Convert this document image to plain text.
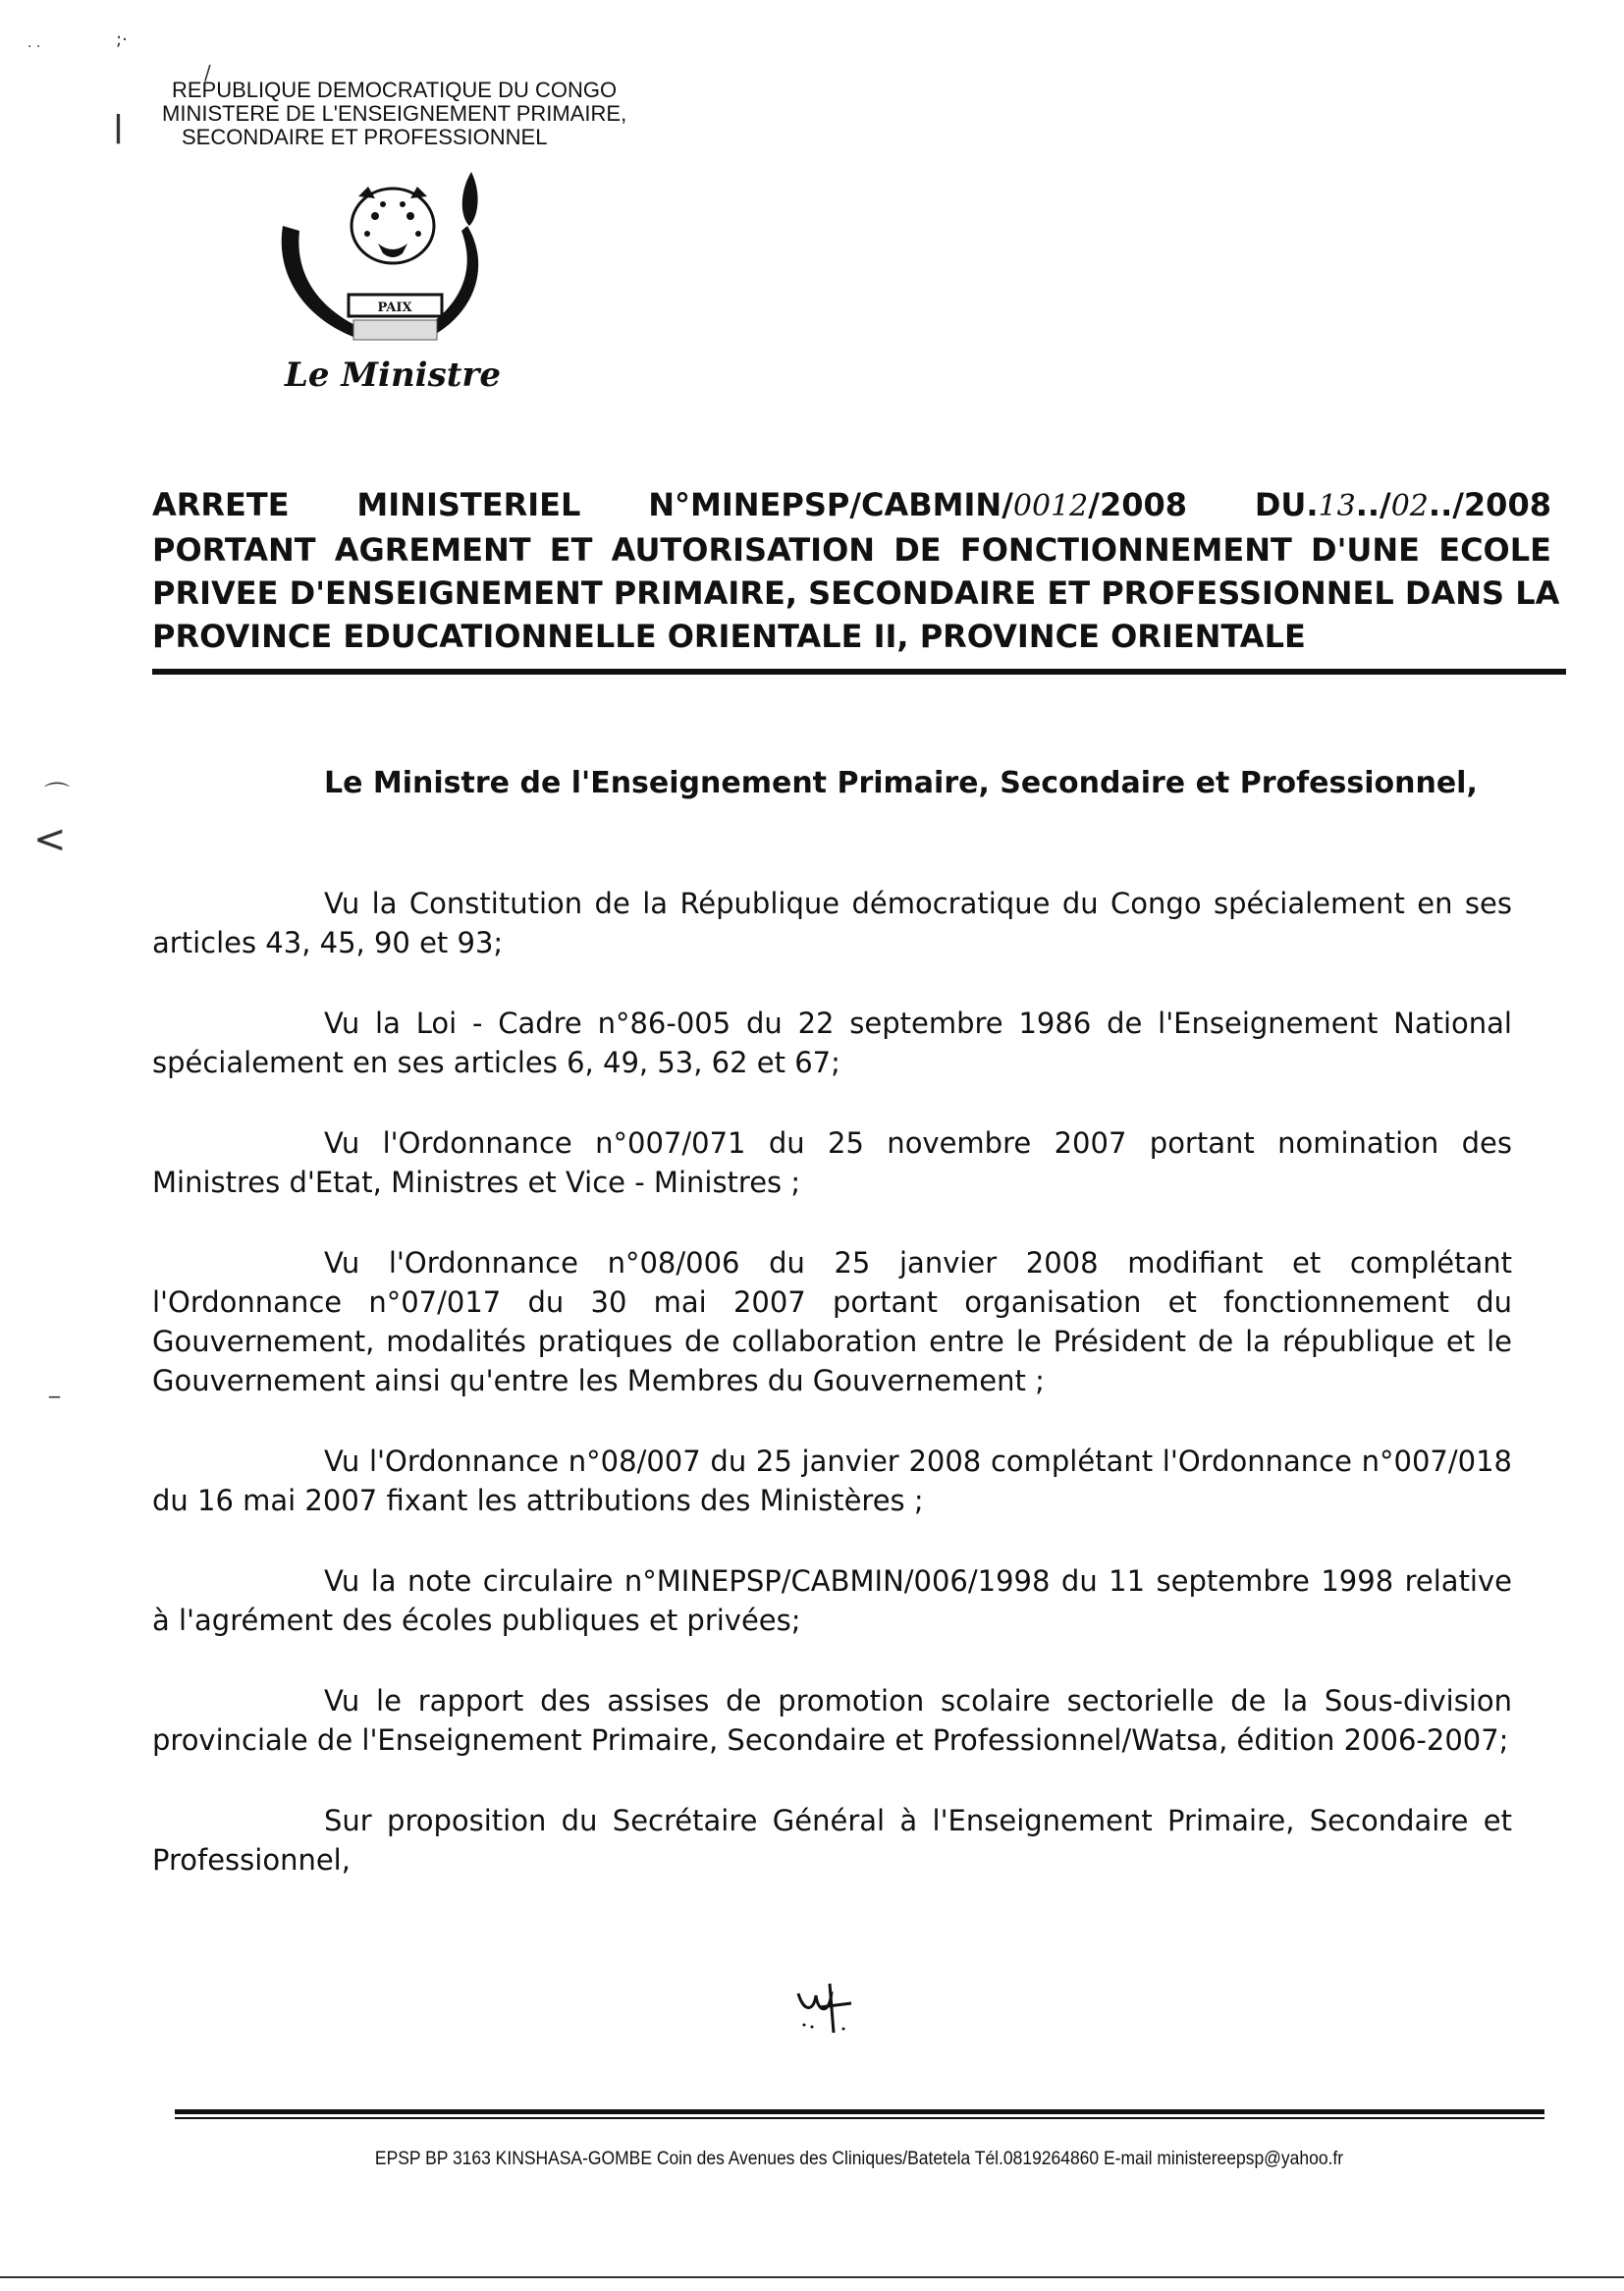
· ·	;·
/
|
⌒
<
‾
REPUBLIQUE DEMOCRATIQUE DU CONGO
MINISTERE DE L'ENSEIGNEMENT PRIMAIRE,
SECONDAIRE ET PROFESSIONNEL
PAIX
Le Ministre
ARRETE MINISTERIEL N°MINEPSP/CABMIN/0012/2008 DU.13../02../2008
PORTANT AGREMENT ET AUTORISATION DE FONCTIONNEMENT D'UNE ECOLE
PRIVEE D'ENSEIGNEMENT PRIMAIRE, SECONDAIRE ET PROFESSIONNEL DANS LA
PROVINCE EDUCATIONNELLE ORIENTALE II, PROVINCE ORIENTALE
Le Ministre de l'Enseignement Primaire, Secondaire et Professionnel,

Vu la Constitution de la République démocratique du Congo spécialement en ses articles 43, 45, 90 et 93;

Vu la Loi - Cadre n°86-005 du 22 septembre 1986 de l'Enseignement National spécialement en ses articles 6, 49, 53, 62 et 67;

Vu l'Ordonnance n°007/071 du 25 novembre 2007 portant nomination des Ministres d'Etat, Ministres et Vice - Ministres ;

Vu l'Ordonnance n°08/006 du 25 janvier 2008 modifiant et complétant l'Ordonnance n°07/017 du 30 mai 2007 portant organisation et fonctionnement du Gouvernement, modalités pratiques de collaboration entre le Président de la république et le Gouvernement ainsi qu'entre les Membres du Gouvernement ;

Vu l'Ordonnance n°08/007 du 25 janvier 2008 complétant l'Ordonnance n°007/018 du 16 mai 2007 fixant les attributions des Ministères ;

Vu la note circulaire n°MINEPSP/CABMIN/006/1998 du 11 septembre 1998 relative à l'agrément des écoles publiques et privées;

Vu le rapport des assises de promotion scolaire sectorielle de la Sous-division provinciale de l'Enseignement Primaire, Secondaire et Professionnel/Watsa, édition 2006-2007;

Sur proposition du Secrétaire Général à l'Enseignement Primaire, Secondaire et Professionnel,

EPSP BP 3163 KINSHASA-GOMBE Coin des Avenues des Cliniques/Batetela Tél.0819264860 E-mail ministereepsp@yahoo.fr
